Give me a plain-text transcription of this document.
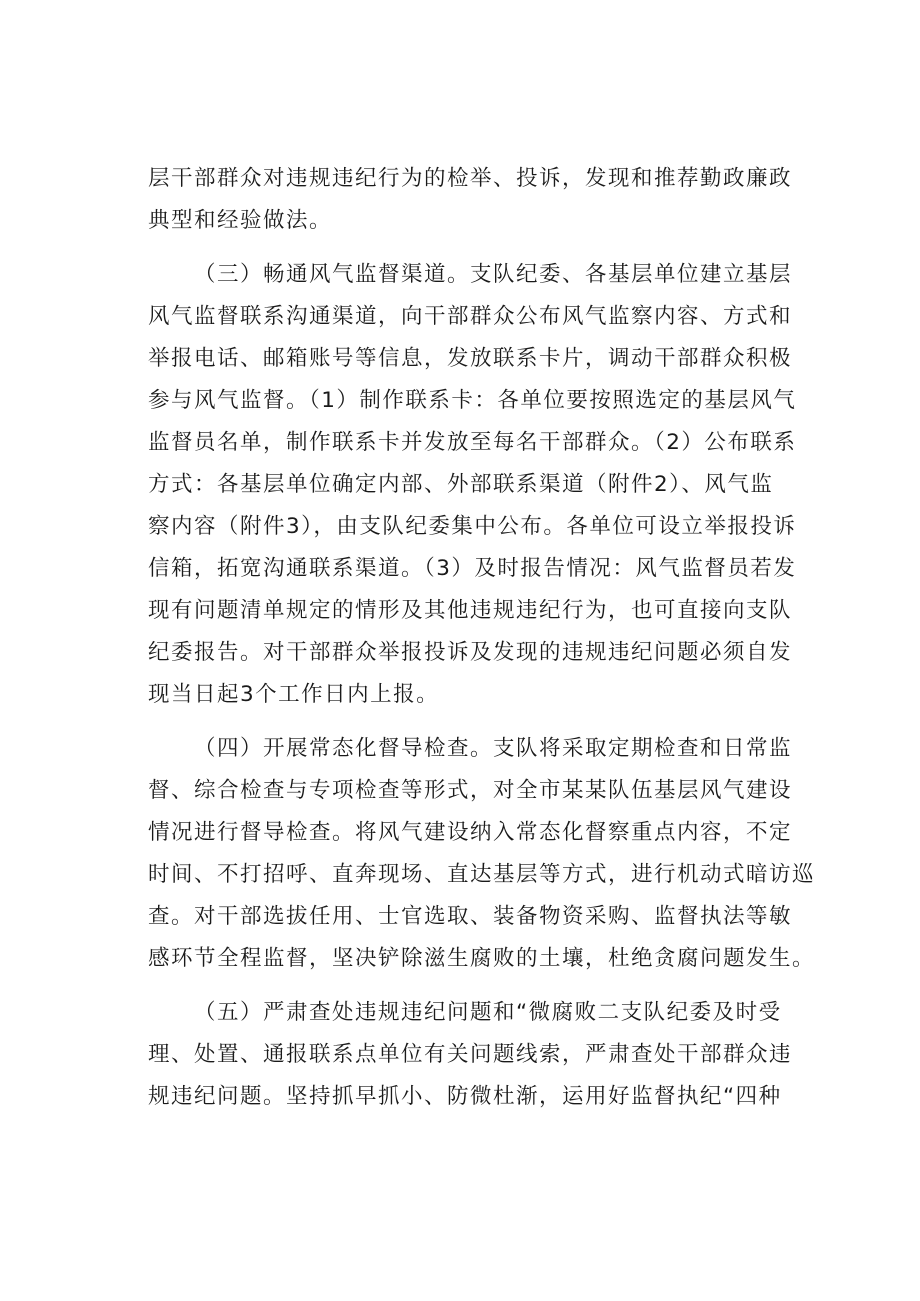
层干部群众对违规违纪行为的检举、投诉，发现和推荐勤政廉政
典型和经验做法。
（三）畅通风气监督渠道。支队纪委、各基层单位建立基层
风气监督联系沟通渠道，向干部群众公布风气监察内容、方式和
举报电话、邮箱账号等信息，发放联系卡片，调动干部群众积极
参与风气监督。（1）制作联系卡：各单位要按照选定的基层风气
监督员名单，制作联系卡并发放至每名干部群众。（2）公布联系
方式：各基层单位确定内部、外部联系渠道（附件2）、风气监
察内容（附件3），由支队纪委集中公布。各单位可设立举报投诉
信箱，拓宽沟通联系渠道。（3）及时报告情况：风气监督员若发
现有问题清单规定的情形及其他违规违纪行为，也可直接向支队
纪委报告。对干部群众举报投诉及发现的违规违纪问题必须自发
现当日起3个工作日内上报。
（四）开展常态化督导检查。支队将采取定期检查和日常监
督、综合检查与专项检查等形式，对全市某某队伍基层风气建设
情况进行督导检查。将风气建设纳入常态化督察重点内容，不定
时间、不打招呼、直奔现场、直达基层等方式，进行机动式暗访巡
查。对干部选拔任用、士官选取、装备物资采购、监督执法等敏
感环节全程监督，坚决铲除滋生腐败的土壤，杜绝贪腐问题发生。
（五）严肃查处违规违纪问题和“微腐败二支队纪委及时受
理、处置、通报联系点单位有关问题线索，严肃查处干部群众违
规违纪问题。坚持抓早抓小、防微杜渐，运用好监督执纪“四种
